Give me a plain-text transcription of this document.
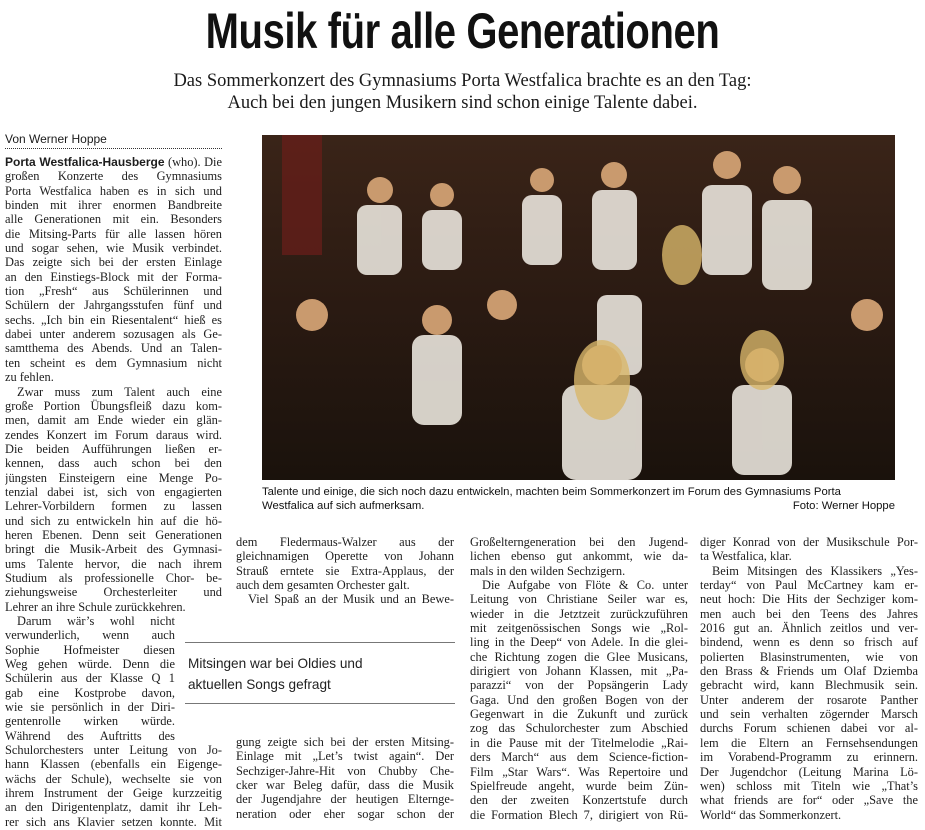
Musik für alle Generationen
Das Sommerkonzert des Gymnasiums Porta Westfalica brachte es an den Tag:
Auch bei den jungen Musikern sind schon einige Talente dabei.
Von Werner Hoppe
Talente und einige, die sich noch dazu entwickeln, machten beim Sommerkonzert im Forum des Gymnasiums Porta
Westfalica auf sich aufmerksam.	Foto: Werner Hoppe
Mitsingen war bei Oldies und
aktuellen Songs gefragt
Porta Westfalica-Hausberge (who). Die
großen Konzerte des Gymnasiums
Porta Westfalica haben es in sich und
binden mit ihrer enormen Bandbreite
alle Generationen mit ein. Besonders
die Mitsing-Parts für alle lassen hören
und sogar sehen, wie Musik verbindet.
Das zeigte sich bei der ersten Einlage
an den Einstiegs-Block mit der Forma-
tion „Fresh“ aus Schülerinnen und
Schülern der Jahrgangsstufen fünf und
sechs. „Ich bin ein Riesentalent“ hieß es
dabei unter anderem sozusagen als Ge-
samtthema des Abends. Und an Talen-
ten scheint es dem Gymnasium nicht
zu fehlen.
Zwar muss zum Talent auch eine
große Portion Übungsfleiß dazu kom-
men, damit am Ende wieder ein glän-
zendes Konzert im Forum daraus wird.
Die beiden Aufführungen ließen er-
kennen, dass auch schon bei den
jüngsten Einsteigern eine Menge Po-
tenzial dabei ist, sich von engagierten
Lehrer-Vorbildern formen zu lassen
und sich zu entwickeln hin auf die hö-
heren Ebenen. Denn seit Generationen
bringt die Musik-Arbeit des Gymnasi-
ums Talente hervor, die nach ihrem
Studium als professionelle Chor- be-
ziehungsweise Orchesterleiter und
Lehrer an ihre Schule zurückkehren.
Darum wär’s wohl nicht
verwunderlich, wenn auch
Sophie Hofmeister diesen
Weg gehen würde. Denn die
Schülerin aus der Klasse Q 1
gab eine Kostprobe davon,
wie sie persönlich in der Diri-
gentenrolle wirken würde.
Während des Auftritts des
Schulorchesters unter Leitung von Jo-
hann Klassen (ebenfalls ein Eigenge-
wächs der Schule), wechselte sie von
ihrem Instrument der Geige kurzzeitig
an den Dirigentenplatz, damit ihr Leh-
rer sich ans Klavier setzen konnte. Mit
dem Fledermaus-Walzer aus der
gleichnamigen Operette von Johann
Strauß erntete sie Extra-Applaus, der
auch dem gesamten Orchester galt.
Viel Spaß an der Musik und an Bewe-
gung zeigte sich bei der ersten Mitsing-
Einlage mit „Let’s twist again“. Der
Sechziger-Jahre-Hit von Chubby Che-
cker war Beleg dafür, dass die Musik
der Jugendjahre der heutigen Elternge-
neration oder eher sogar schon der
Großelterngeneration bei den Jugend-
lichen ebenso gut ankommt, wie da-
mals in den wilden Sechzigern.
Die Aufgabe von Flöte & Co. unter
Leitung von Christiane Seiler war es,
wieder in die Jetztzeit zurückzuführen
mit zeitgenössischen Songs wie „Rol-
ling in the Deep“ von Adele. In die glei-
che Richtung zogen die Glee Musicans,
dirigiert von Johann Klassen, mit „Pa-
parazzi“ von der Popsängerin Lady
Gaga. Und den großen Bogen von der
Gegenwart in die Zukunft und zurück
zog das Schulorchester zum Abschied
in die Pause mit der Titelmelodie „Rai-
ders March“ aus dem Science-fiction-
Film „Star Wars“. Was Repertoire und
Spielfreude angeht, wurde beim Zün-
den der zweiten Konzertstufe durch
die Formation Blech 7, dirigiert von Rü-
diger Konrad von der Musikschule Por-
ta Westfalica, klar.
Beim Mitsingen des Klassikers „Yes-
terday“ von Paul McCartney kam er-
neut hoch: Die Hits der Sechziger kom-
men auch bei den Teens des Jahres
2016 gut an. Ähnlich zeitlos und ver-
bindend, wenn es denn so frisch auf
polierten Blasinstrumenten, wie von
den Brass & Friends um Olaf Dziemba
gebracht wird, kann Blechmusik sein.
Unter anderem der rosarote Panther
und sein verhalten zögernder Marsch
durchs Forum schienen dabei vor al-
lem die Eltern an Fernsehsendungen
im Vorabend-Programm zu erinnern.
Der Jugendchor (Leitung Marina Lö-
wen) schloss mit Titeln wie „That’s
what friends are for“ oder „Save the
World“ das Sommerkonzert.
